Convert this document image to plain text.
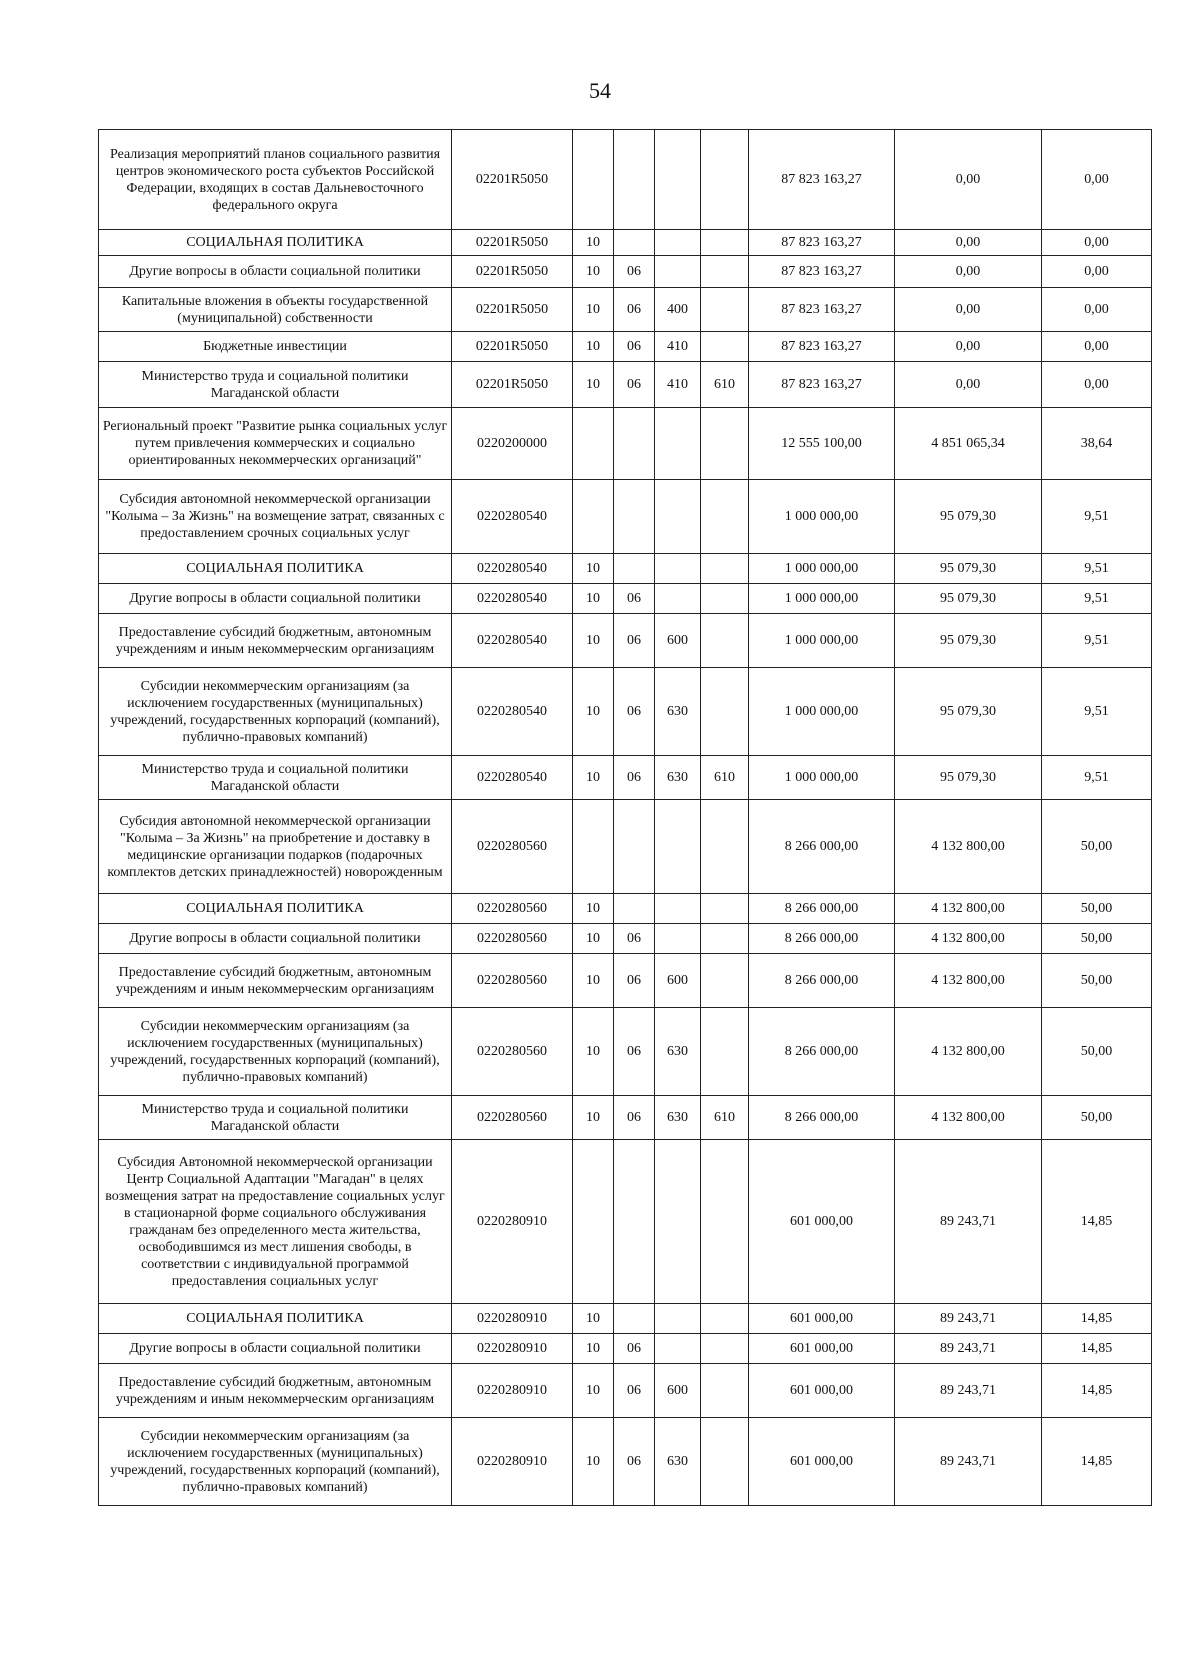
54
Реализация мероприятий планов социального развития центров экономического роста субъектов Российской Федерации, входящих в состав Дальневосточного федерального округа	02201R5050					87 823 163,27	0,00	0,00
СОЦИАЛЬНАЯ ПОЛИТИКА	02201R5050	10				87 823 163,27	0,00	0,00
Другие вопросы в области социальной политики	02201R5050	10	06			87 823 163,27	0,00	0,00
Капитальные вложения в объекты государственной (муниципальной) собственности	02201R5050	10	06	400		87 823 163,27	0,00	0,00
Бюджетные инвестиции	02201R5050	10	06	410		87 823 163,27	0,00	0,00
Министерство труда и социальной политики Магаданской области	02201R5050	10	06	410	610	87 823 163,27	0,00	0,00
Региональный проект "Развитие рынка социальных услуг путем привлечения коммерческих и социально ориентированных некоммерческих организаций"	0220200000					12 555 100,00	4 851 065,34	38,64
Субсидия автономной некоммерческой организации "Колыма – За Жизнь" на возмещение затрат, связанных с предоставлением срочных социальных услуг	0220280540					1 000 000,00	95 079,30	9,51
СОЦИАЛЬНАЯ ПОЛИТИКА	0220280540	10				1 000 000,00	95 079,30	9,51
Другие вопросы в области социальной политики	0220280540	10	06			1 000 000,00	95 079,30	9,51
Предоставление субсидий бюджетным, автономным учреждениям и иным некоммерческим организациям	0220280540	10	06	600		1 000 000,00	95 079,30	9,51
Субсидии некоммерческим организациям (за исключением государственных (муниципальных) учреждений, государственных корпораций (компаний), публично-правовых компаний)	0220280540	10	06	630		1 000 000,00	95 079,30	9,51
Министерство труда и социальной политики Магаданской области	0220280540	10	06	630	610	1 000 000,00	95 079,30	9,51
Субсидия автономной некоммерческой организации "Колыма – За Жизнь" на приобретение и доставку в медицинские организации подарков (подарочных комплектов детских принадлежностей) новорожденным	0220280560					8 266 000,00	4 132 800,00	50,00
СОЦИАЛЬНАЯ ПОЛИТИКА	0220280560	10				8 266 000,00	4 132 800,00	50,00
Другие вопросы в области социальной политики	0220280560	10	06			8 266 000,00	4 132 800,00	50,00
Предоставление субсидий бюджетным, автономным учреждениям и иным некоммерческим организациям	0220280560	10	06	600		8 266 000,00	4 132 800,00	50,00
Субсидии некоммерческим организациям (за исключением государственных (муниципальных) учреждений, государственных корпораций (компаний), публично-правовых компаний)	0220280560	10	06	630		8 266 000,00	4 132 800,00	50,00
Министерство труда и социальной политики Магаданской области	0220280560	10	06	630	610	8 266 000,00	4 132 800,00	50,00
Субсидия Автономной некоммерческой организации Центр Социальной Адаптации "Магадан" в целях возмещения затрат на предоставление социальных услуг в стационарной форме социального обслуживания гражданам без определенного места жительства, освободившимся из мест лишения свободы, в соответствии с индивидуальной программой предоставления социальных услуг	0220280910					601 000,00	89 243,71	14,85
СОЦИАЛЬНАЯ ПОЛИТИКА	0220280910	10				601 000,00	89 243,71	14,85
Другие вопросы в области социальной политики	0220280910	10	06			601 000,00	89 243,71	14,85
Предоставление субсидий бюджетным, автономным учреждениям и иным некоммерческим организациям	0220280910	10	06	600		601 000,00	89 243,71	14,85
Субсидии некоммерческим организациям (за исключением государственных (муниципальных) учреждений, государственных корпораций (компаний), публично-правовых компаний)	0220280910	10	06	630		601 000,00	89 243,71	14,85
